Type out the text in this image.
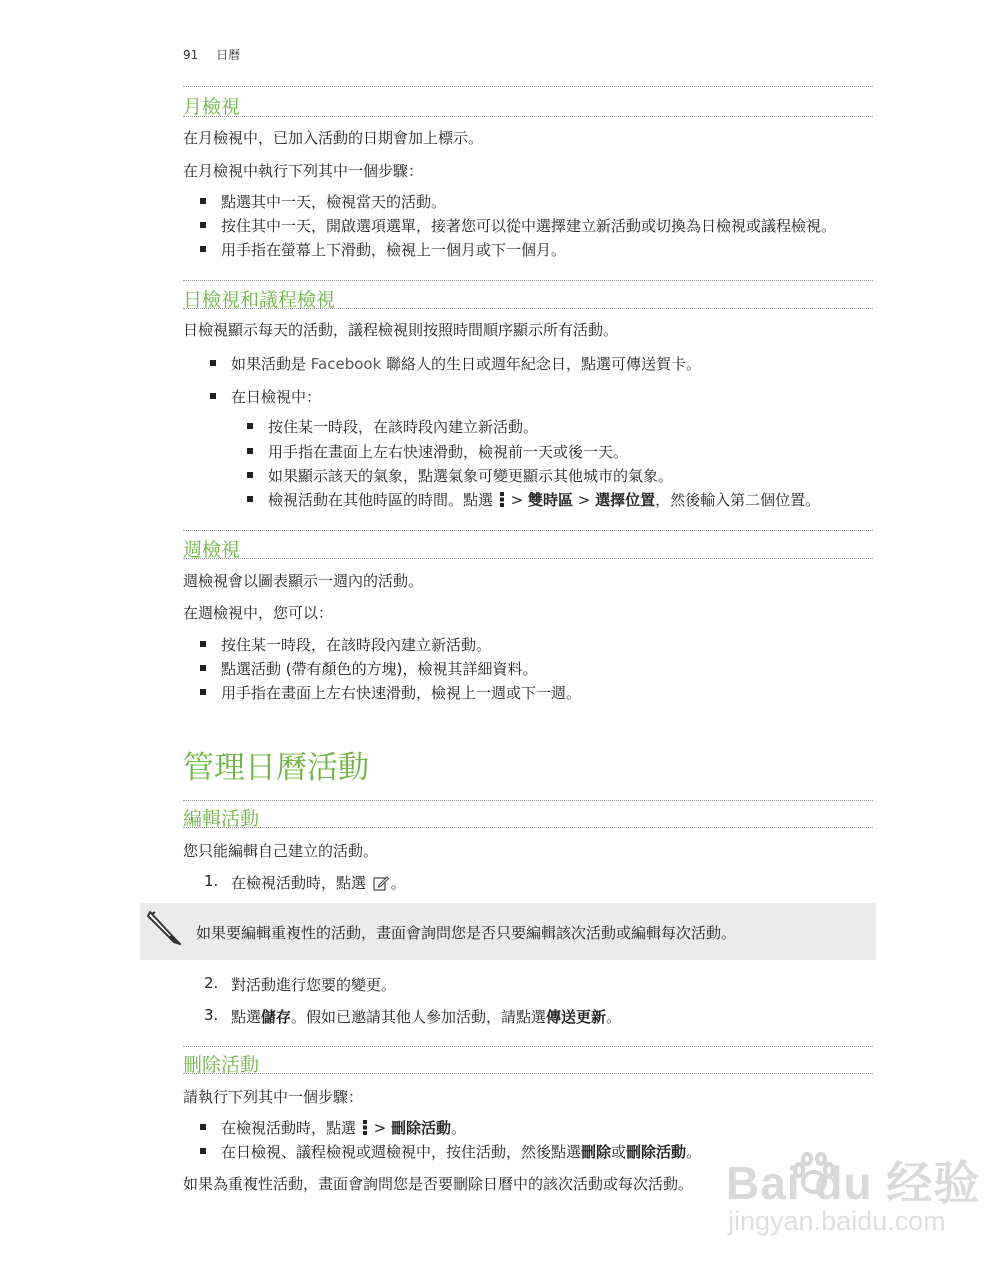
91 日曆
月檢視
在月檢視中，已加入活動的日期會加上標示。
在月檢視中執行下列其中一個步驟：
點選其中一天，檢視當天的活動。
按住其中一天，開啟選項選單，接著您可以從中選擇建立新活動或切換為日檢視或議程檢視。
用手指在螢幕上下滑動，檢視上一個月或下一個月。
日檢視和議程檢視
日檢視顯示每天的活動，議程檢視則按照時間順序顯示所有活動。
如果活動是 Facebook 聯絡人的生日或週年紀念日，點選可傳送賀卡。
在日檢視中：
按住某一時段，在該時段內建立新活動。
用手指在畫面上左右快速滑動，檢視前一天或後一天。
如果顯示該天的氣象，點選氣象可變更顯示其他城市的氣象。
檢視活動在其他時區的時間。點選 > 雙時區 > 選擇位置，然後輸入第二個位置。
週檢視
週檢視會以圖表顯示一週內的活動。
在週檢視中，您可以：
按住某一時段，在該時段內建立新活動。
點選活動 (帶有顏色的方塊)，檢視其詳細資料。
用手指在畫面上左右快速滑動，檢視上一週或下一週。
管理日曆活動
編輯活動
您只能編輯自己建立的活動。
1. 在檢視活動時，點選 。
如果要編輯重複性的活動，畫面會詢問您是否只要編輯該次活動或編輯每次活動。
2. 對活動進行您要的變更。
3. 點選儲存。假如已邀請其他人參加活動，請點選傳送更新。
刪除活動
請執行下列其中一個步驟：
在檢視活動時，點選 > 刪除活動。
在日檢視、議程檢視或週檢視中，按住活動，然後點選刪除或刪除活動。
如果為重複性活動，畫面會詢問您是否要刪除日曆中的該次活動或每次活動。 Bai du 经验
jingyan.baidu.com
